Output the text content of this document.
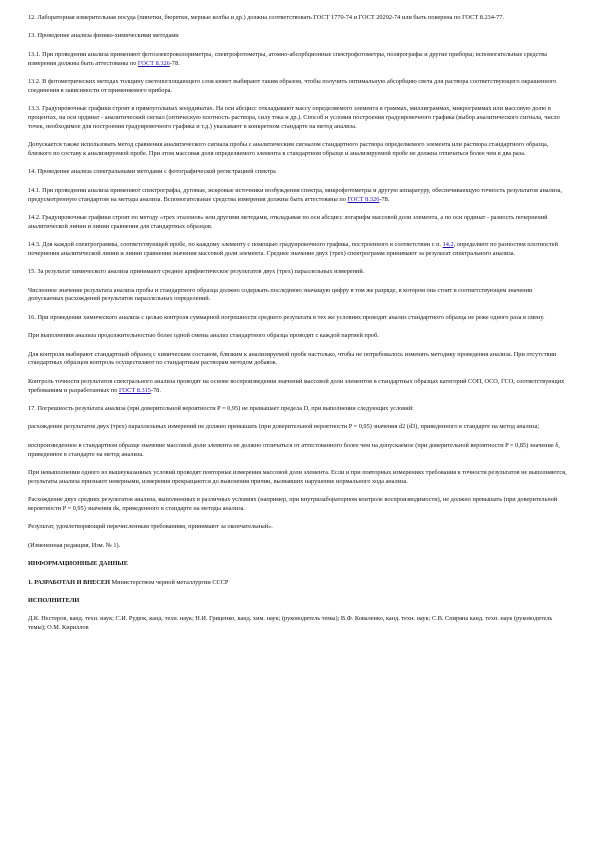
12. Лабораторная измерительная посуда (пипетки, бюретки, мерные колбы и др.) должна соответствовать ГОСТ 1770-74 и ГОСТ 20292-74 или быть поверена по ГОСТ 8.234-77.

13. Проведение анализа физико-химическими методами

13.1. При проведении анализа применяют фотоэлектроколориметры, спектрофотометры, атомно-абсорбционные спектрофотометры, полярографы и другие приборы; вспомогательные средства измерения должны быть аттестованы по ГОСТ 8.326-78.

13.2. В фотометрических методах толщину светопоглощающего слоя кювет выбирают таким образом, чтобы получить оптимальную абсорбцию света для раствора соответствующего окрашенного соединения в зависимости от применяемого прибора.

13.3. Градуировочные графики строят в прямоугольных координатах. На оси абсцисс откладывают массу определяемого элемента в граммах, миллиграммах, микрограммах или массовую долю в процентах, на оси ординат - аналитический сигнал (оптическую плотность раствора, силу тока и др.). Способ и условия построения градуировочного графика (выбор аналитического сигнала, число точек, необходимое для построения градуировочного графика и т.д.) указывают в конкретном стандарте на метод анализа.

Допускается также использовать метод сравнения аналитического сигнала пробы с аналитическим сигналом стандартного раствора определяемого элемента или раствора стандартного образца, близкого по составу к анализируемой пробе. При этом массовая доля определяемого элемента в стандартном образце и анализируемой пробе не должна отличаться более чем в два раза.

14. Проведение анализа спектральными методами с фотографической регистрацией спектра

14.1. При проведении анализа применяют спектрографы, дуговые, искровые источники возбуждения спектра, микрофотометры и другую аппаратуру, обеспечивающую точность результатов анализа, предусмотренную стандартом на методы анализа. Вспомогательные средства измерения должны быть аттестованы по ГОСТ 8.326-78.

14.2. Градуировочные графики строят по методу «трех эталонов» или другими методами, откладывая по оси абсцисс логарифм массовой доли элемента, а по оси ординат - разность почернений аналитической линии и линии сравнения для стандартных образцов.

14.3. Для каждой спектрограммы, соответствующей пробе, по каждому элементу с помощью градуировочного графика, построенного в соответствии с п. 14.2, определяют по разностям плотностей почернения аналитической линии и линии сравнения значения массовой доли элемента. Среднее значение двух (трех) спектрограмм принимают за результат спектрального анализа.

15. За результат химического анализа принимают среднее арифметическое результатов двух (трех) параллельных измерений.

Численное значение результата анализа пробы и стандартного образца должно содержать последнюю значащую цифру в том же разряде, в котором она стоит в соответствующем значении допускаемых расхождений результатов параллельных определений.

16. При проведении химического анализа с целью контроля суммарной погрешности среднего результата в тех же условиях проводят анализ стандартного образца не реже одного раза в смену.

При выполнении анализа продолжительностью более одной смены анализ стандартного образца проводят с каждой партией проб.

Для контроля выбирают стандартный образец с химическим составом, близким к анализируемой пробе настолько, чтобы не потребовалось изменять методику проведения анализа. При отсутствии стандартных образцов контроль осуществляют по стандартным растворам методом добавок.

Контроль точности результатов спектрального анализа проводят на основе воспроизведения значений массовой доли элементов в стандартных образцах категорий СОП, ОСО, ГСО, соответствующих требованиям и разработанных по ГОСТ 8.315-78.

17. Погрешность результата анализа (при доверительной вероятности P = 0,95) не превышает предела D, при выполнении следующих условий:

расхождение результатов двух (трех) параллельных измерений не должно превышать (при доверительной вероятности P = 0,95) значения d2 (d3), приведенного в стандарте на метод анализа;

воспроизведенное в стандартном образце значение массовой доли элемента не должно отличаться от аттестованного более чем на допускаемое (при доверительной вероятности P = 0,85) значение δ, приведенное в стандарте на метод анализа.

При невыполнении одного из вышеуказанных условий проводят повторные измерения массовой доли элемента. Если и при повторных измерениях требования к точности результатов не выполняются, результаты анализа признают неверными, измерения прекращаются до выяснения причин, вызвавших нарушение нормального хода анализа.

Расхождение двух средних результатов анализа, выполненных в различных условиях (например, при внутрилабораторном контроле воспроизводимости), не должно превышать (при доверительной вероятности P = 0,95) значения dк, приведенного в стандарте на методы анализа.

Результат, удовлетворяющий перечисленным требованиям, принимают за окончательный».

(Измененная редакция, Изм. № 1).

ИНФОРМАЦИОННЫЕ ДАННЫЕ

1. РАЗРАБОТАН И ВНЕСЕН Министерством черной металлургии СССР

ИСПОЛНИТЕЛИ

Д.К. Нестеров, канд. техн. наук; С.И. Рудюк, канд. техн. наук; Н.И. Гриценко, канд. хим. наук; (руководитель темы); В.Ф. Коваленко, канд. техн. наук; С.В. Спиряна канд. техн. наук (руководитель темы); О.М. Кириллов
